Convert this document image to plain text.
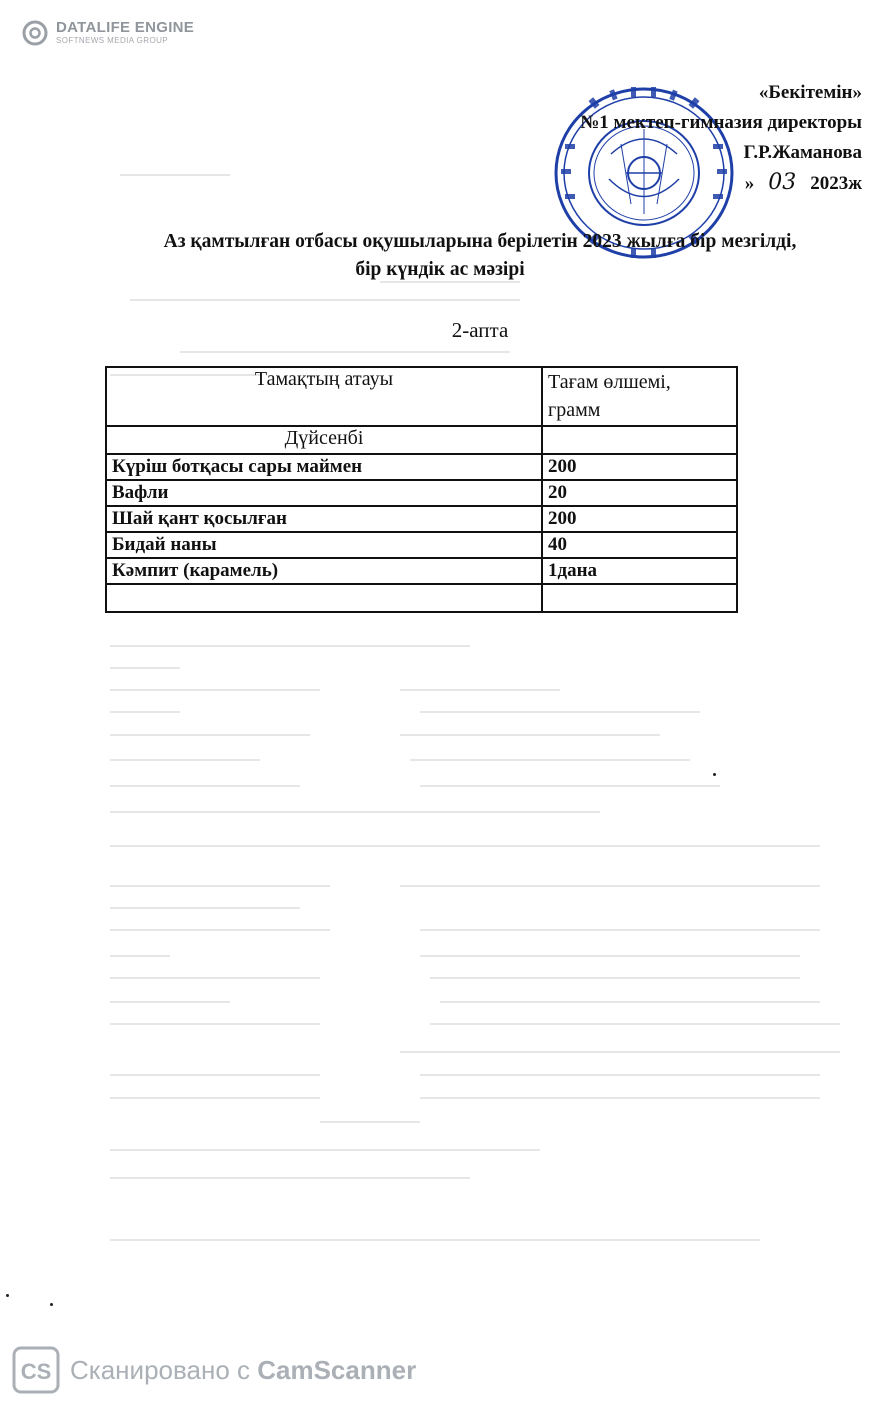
DATALIFE ENGINE
SOFTNEWS MEDIA GROUP
«Бекітемін»
№1 мектеп-гимназия директоры
Г.Р.Жаманова
» 03 2023ж
Аз қамтылған отбасы оқушыларына берілетін 2023 жылға бір мезгілді,
бір күндік ас мәзірі
2-апта
Тамақтың атауы	Тағам өлшемі,
грамм

Дүйсенбі	
Күріш ботқасы сары маймен	200
Вафли	20
Шай қант қосылған	200
Бидай наны	40
Кәмпит (карамель)	1дана

CS Сканировано с CamScanner
